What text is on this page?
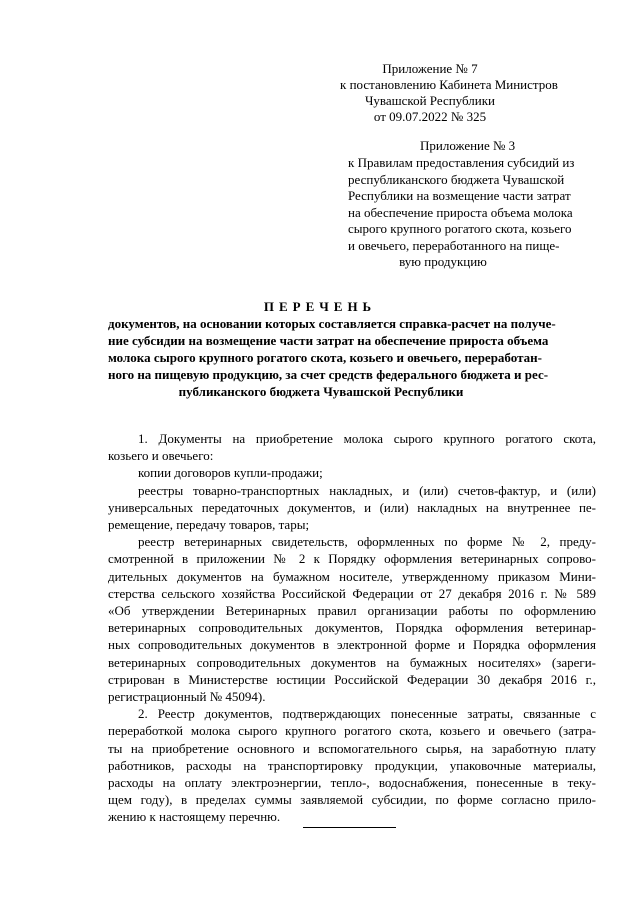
Приложение № 7
к постановлению Кабинета Министров
Чувашской Республики
от 09.07.2022 № 325
Приложение № 3
к Правилам предоставления субсидий из
республиканского бюджета Чувашской
Республики на возмещение части затрат
на обеспечение прироста объема молока
сырого крупного рогатого скота, козьего
и овечьего, переработанного на пище-
вую продукцию
ПЕРЕЧЕНЬ
документов, на основании которых составляется справка-расчет на получе-
ние субсидии на возмещение части затрат на обеспечение прироста объема
молока сырого крупного рогатого скота, козьего и овечьего, переработан-
ного на пищевую продукцию, за счет средств федерального бюджета и рес-
публиканского бюджета Чувашской Республики
1. Документы на приобретение молока сырого крупного рогатого скота,
козьего и овечьего:
копии договоров купли-продажи;
реестры товарно-транспортных накладных, и (или) счетов-фактур, и (или)
универсальных передаточных документов, и (или) накладных на внутреннее пе-
ремещение, передачу товаров, тары;
реестр ветеринарных свидетельств, оформленных по форме № 2, преду-
смотренной в приложении № 2 к Порядку оформления ветеринарных сопрово-
дительных документов на бумажном носителе, утвержденному приказом Мини-
стерства сельского хозяйства Российской Федерации от 27 декабря 2016 г. № 589
«Об утверждении Ветеринарных правил организации работы по оформлению
ветеринарных сопроводительных документов, Порядка оформления ветеринар-
ных сопроводительных документов в электронной форме и Порядка оформления
ветеринарных сопроводительных документов на бумажных носителях» (зареги-
стрирован в Министерстве юстиции Российской Федерации 30 декабря 2016 г.,
регистрационный № 45094).
2. Реестр документов, подтверждающих понесенные затраты, связанные с
переработкой молока сырого крупного рогатого скота, козьего и овечьего (затра-
ты на приобретение основного и вспомогательного сырья, на заработную плату
работников, расходы на транспортировку продукции, упаковочные материалы,
расходы на оплату электроэнергии, тепло-, водоснабжения, понесенные в теку-
щем году), в пределах суммы заявляемой субсидии, по форме согласно прило-
жению к настоящему перечню.
